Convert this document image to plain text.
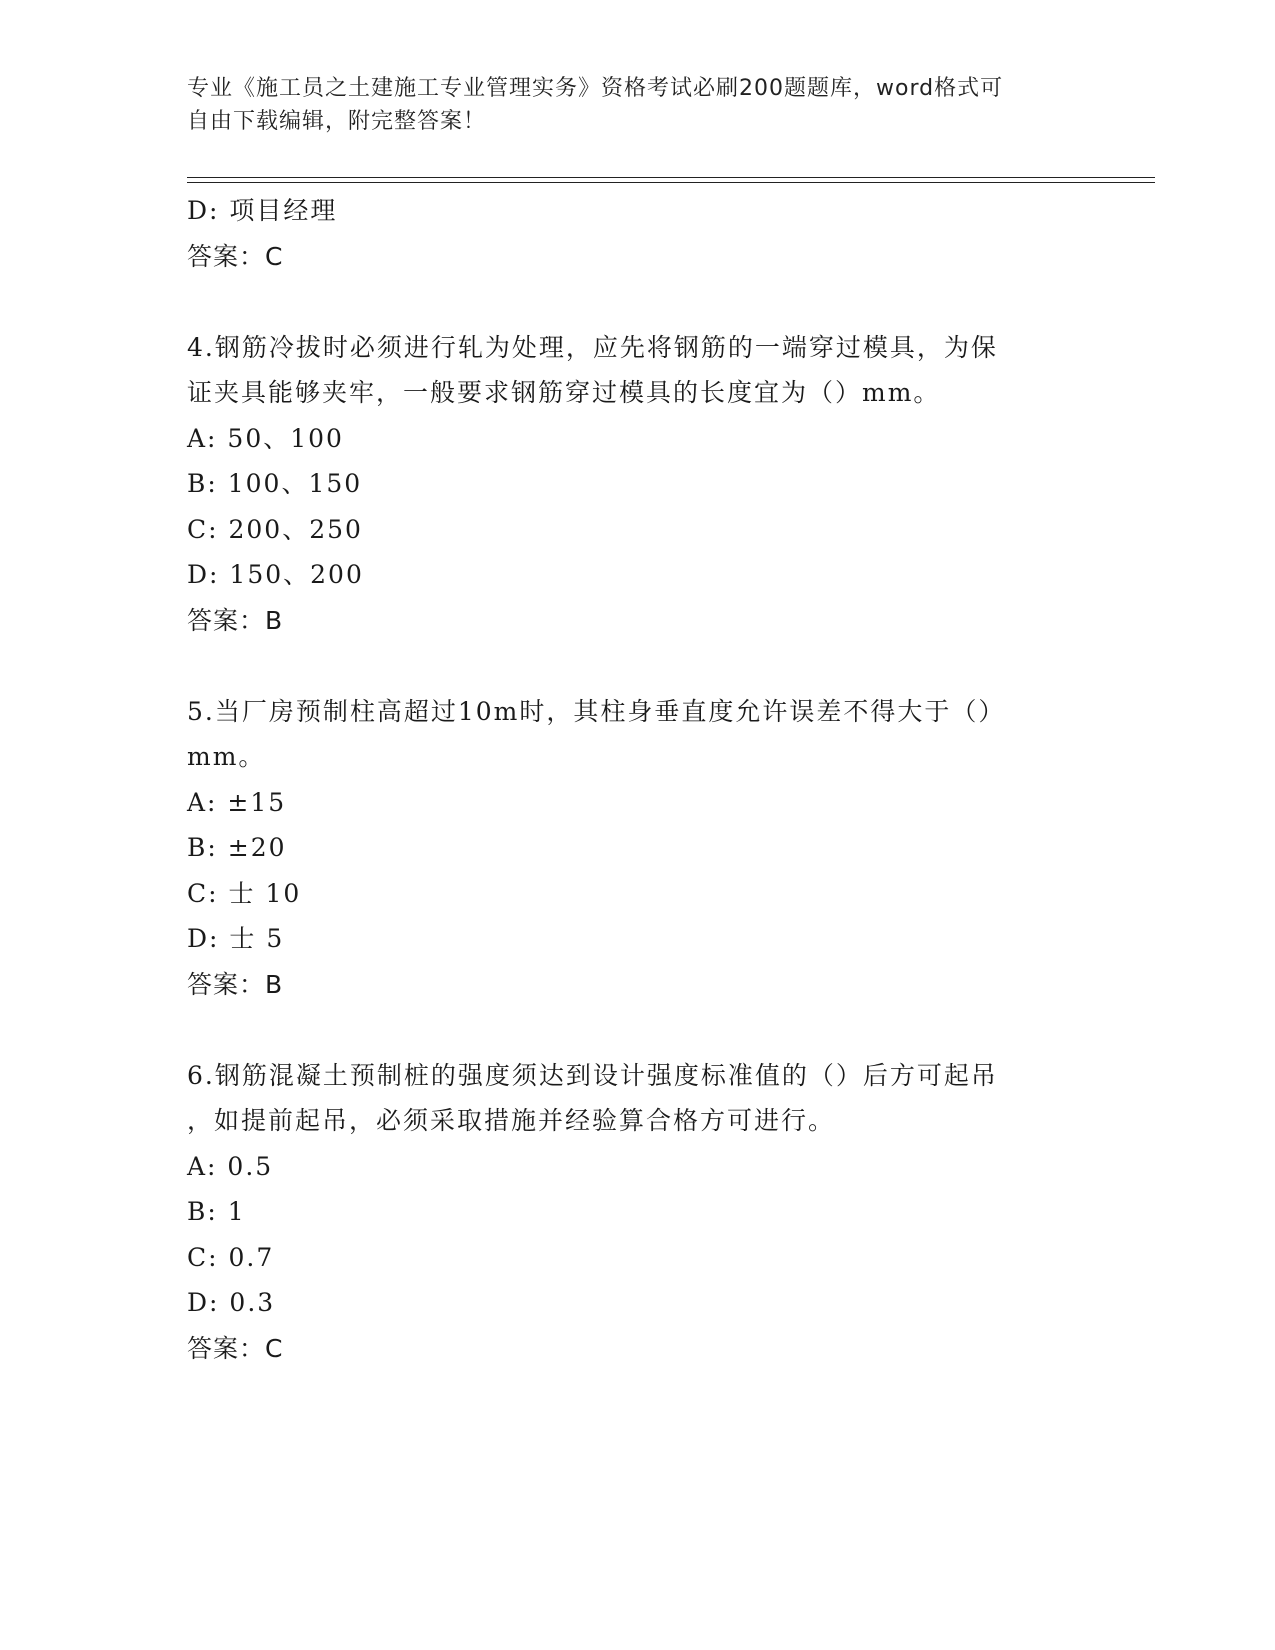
专业《施工员之土建施工专业管理实务》资格考试必刷200题题库，word格式可
自由下载编辑，附完整答案！
D: 项目经理
答案：C
4.钢筋冷拔时必须进行轧为处理，应先将钢筋的一端穿过模具，为保
证夹具能够夹牢，一般要求钢筋穿过模具的长度宜为（）mm。
A: 50、100
B: 100、150
C: 200、250
D: 150、200
答案：B
5.当厂房预制柱高超过10m时，其柱身垂直度允许误差不得大于（）
mm。
A: ±15
B: ±20
C: 士 10
D: 士 5
答案：B
6.钢筋混凝土预制桩的强度须达到设计强度标准值的（）后方可起吊
，如提前起吊，必须采取措施并经验算合格方可进行。
A: 0.5
B: 1
C: 0.7
D: 0.3
答案：C
